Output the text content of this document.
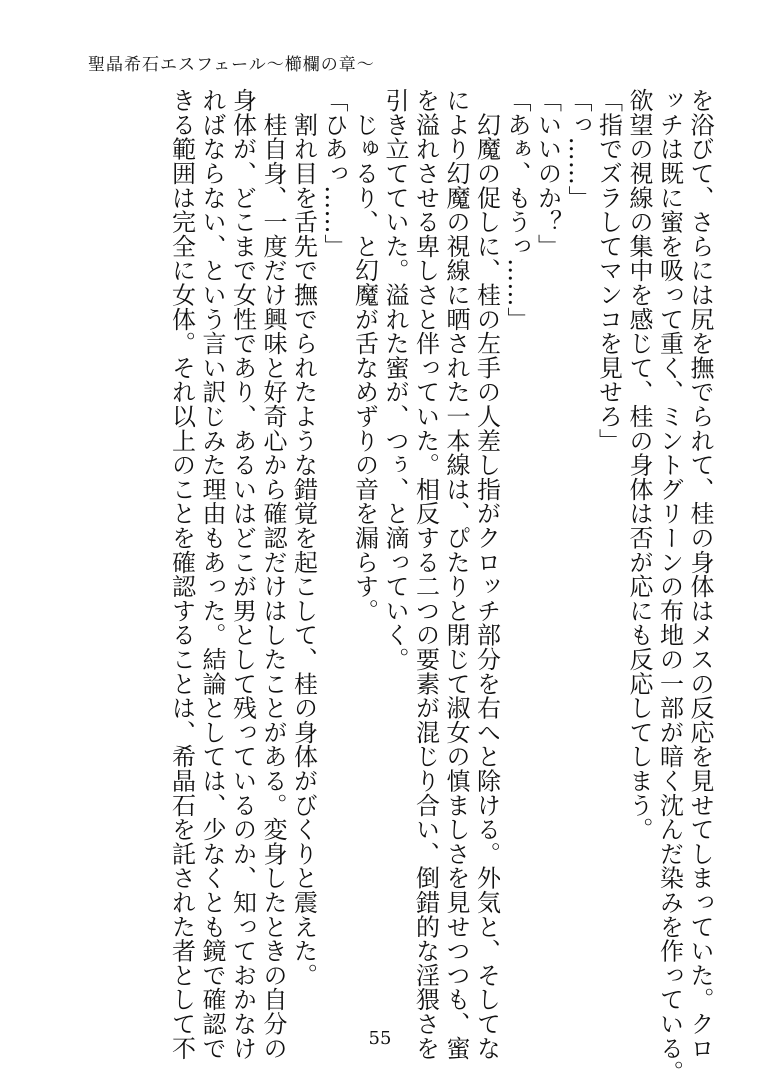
聖晶希石エスフェール〜櫛欄の章〜
を浴びて、さらには尻を撫でられて、桂の身体はメスの反応を見せてしまっていた。クロ
ッチは既に蜜を吸って重く、ミントグリーンの布地の一部が暗く沈んだ染みを作っている。
欲望の視線の集中を感じて、桂の身体は否が応にも反応してしまう。
「指でズラしてマンコを見せろ」
「っ……」
「いいのか？」
「あぁ、もうっ……」
　幻魔の促しに、桂の左手の人差し指がクロッチ部分を右へと除ける。外気と、そしてな
により幻魔の視線に晒された一本線は、ぴたりと閉じて淑女の慎ましさを見せつつも、蜜
を溢れさせる卑しさと伴っていた。相反する二つの要素が混じり合い、倒錯的な淫猥さを
引き立てていた。溢れた蜜が、つぅ、と滴っていく。
　じゅるり、と幻魔が舌なめずりの音を漏らす。
「ひあっ……」
　割れ目を舌先で撫でられたような錯覚を起こして、桂の身体がびくりと震えた。
　桂自身、一度だけ興味と好奇心から確認だけはしたことがある。変身したときの自分の
身体が、どこまで女性であり、あるいはどこが男として残っているのか、知っておかなけ
ればならない、という言い訳じみた理由もあった。結論としては、少なくとも鏡で確認で
きる範囲は完全に女体。それ以上のことを確認することは、希晶石を託された者として不	55
